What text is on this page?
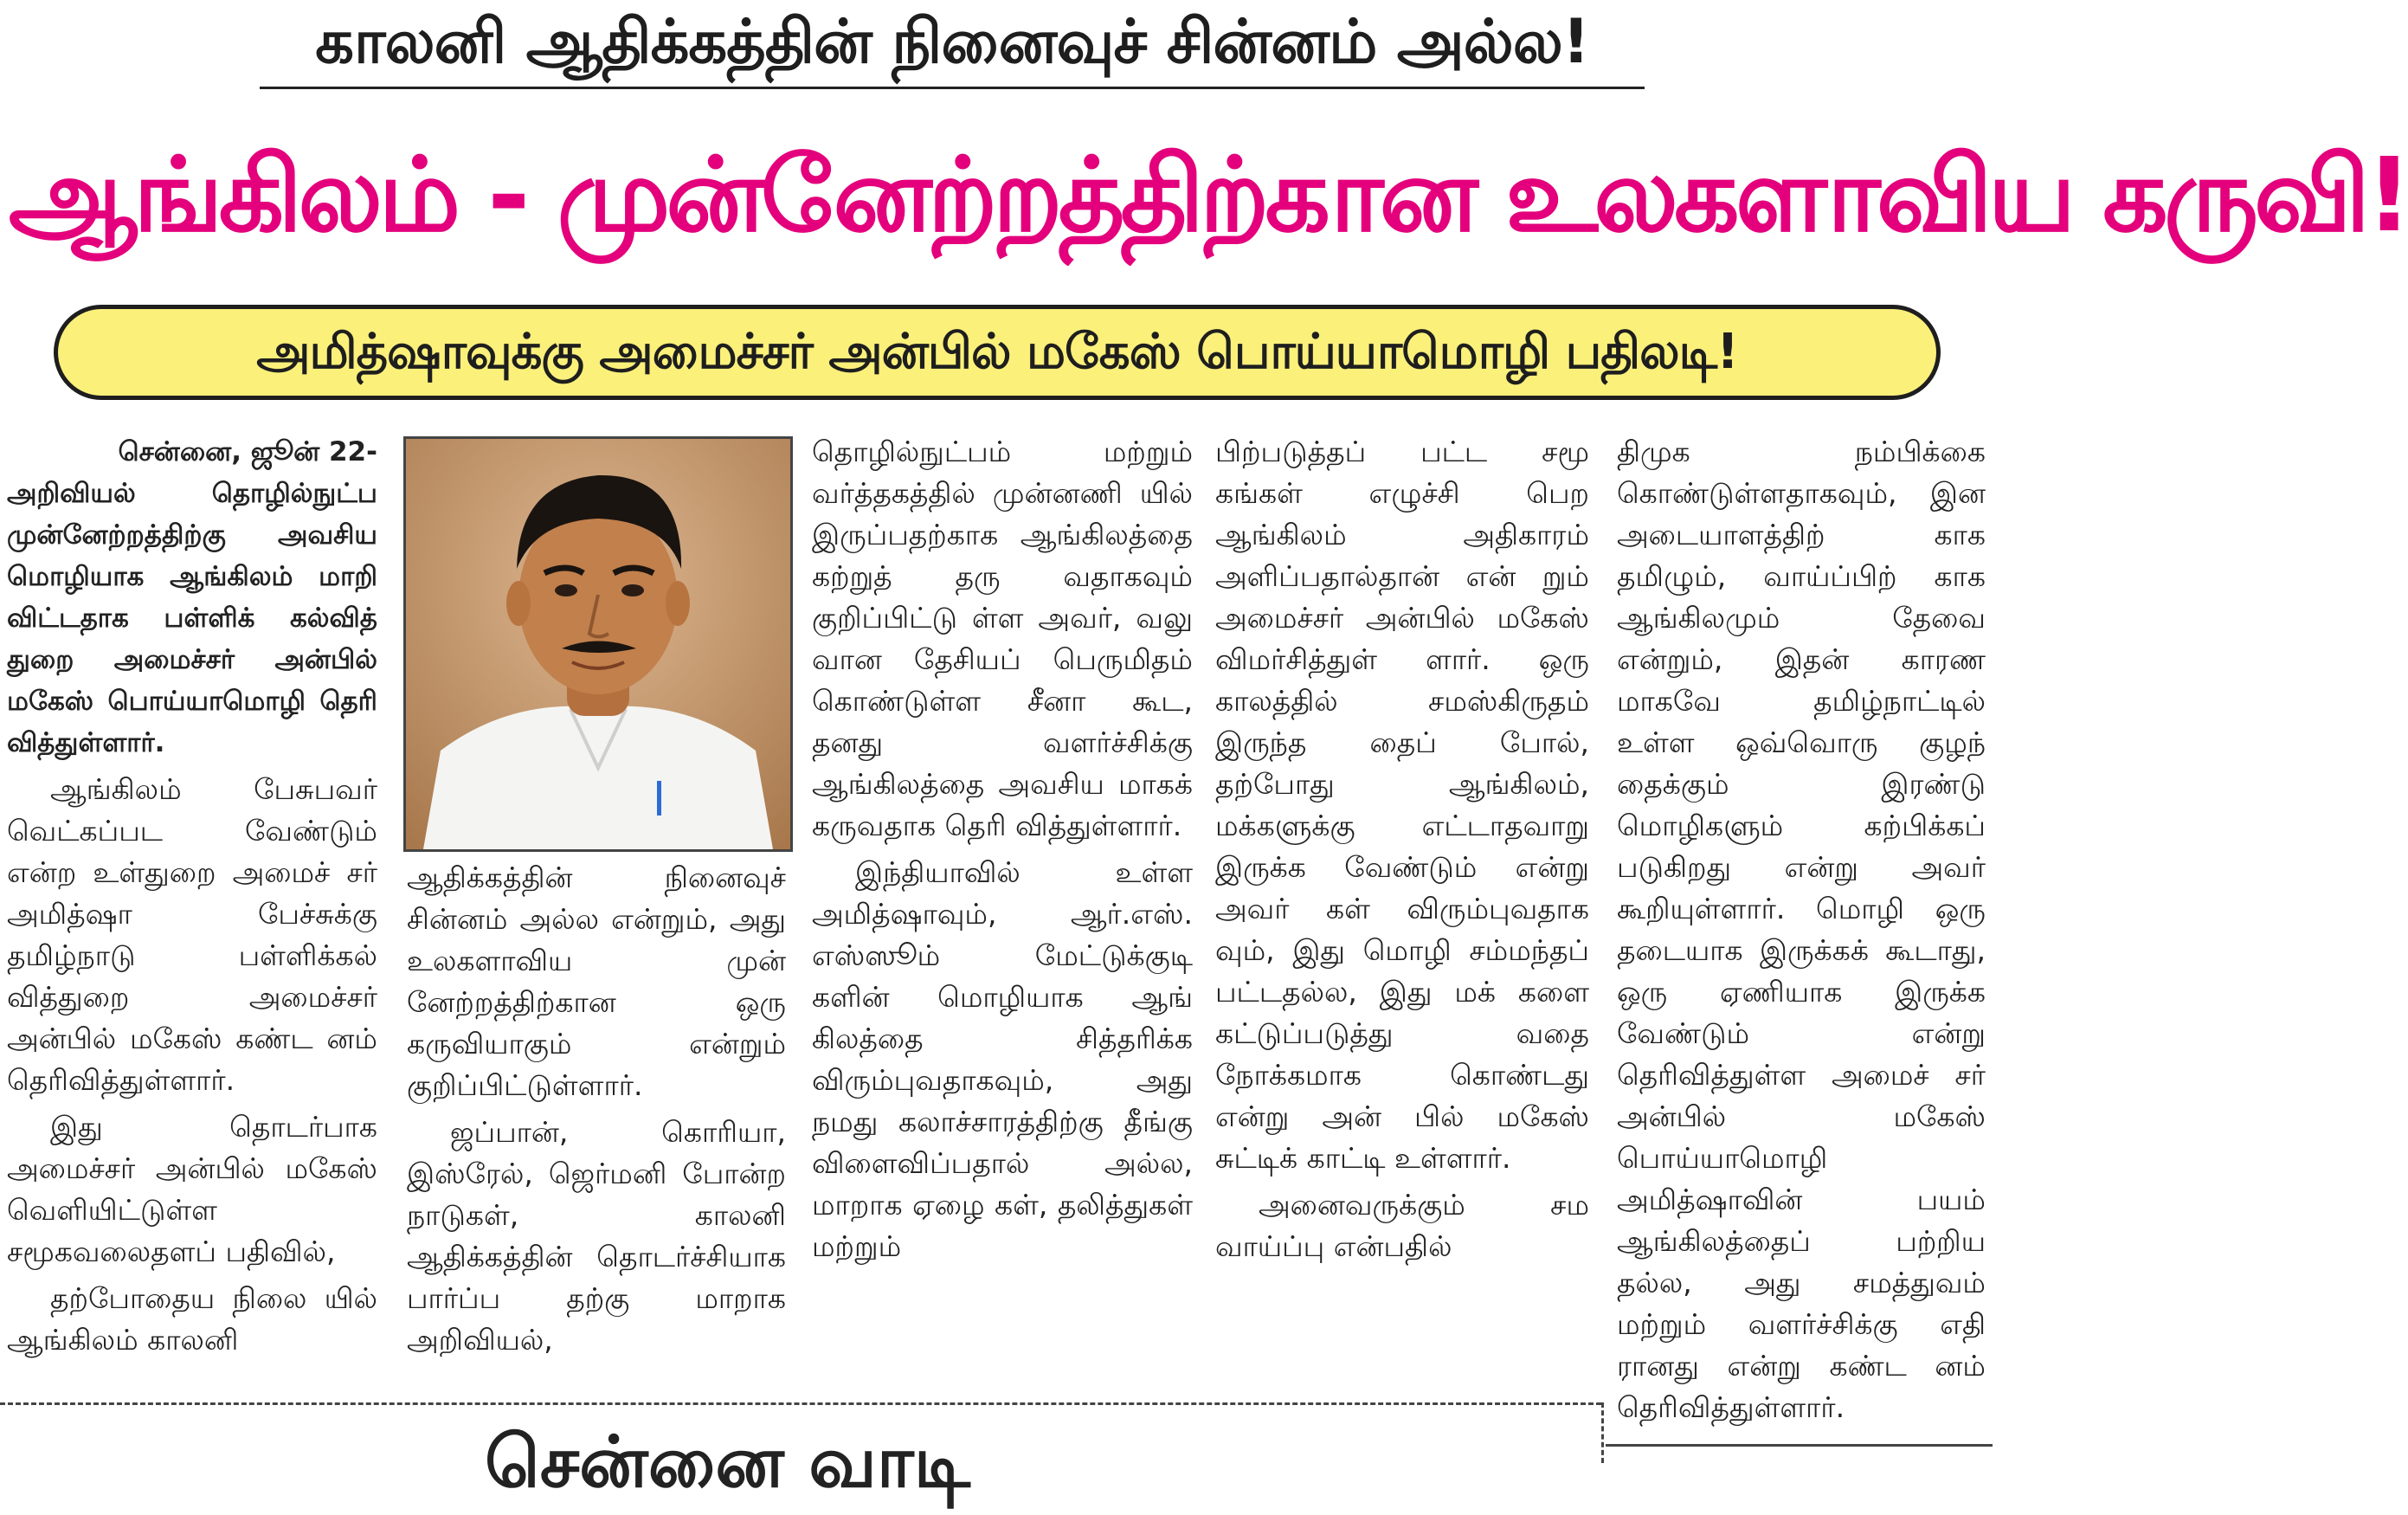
காலனி ஆதிக்கத்தின் நினைவுச் சின்னம் அல்ல!
ஆங்கிலம் - முன்னேற்றத்திற்கான உலகளாவிய கருவி!
அமித்ஷாவுக்கு அமைச்சர் அன்பில் மகேஸ் பொய்யாமொழி பதிலடி!

சென்னை, ஜூன் 22-
அறிவியல் தொழில்நுட்ப முன்னேற்றத்திற்கு அவசிய மொழியாக ஆங்கிலம் மாறி விட்டதாக பள்ளிக் கல்வித் துறை அமைச்சர் அன்பில் மகேஸ் பொய்யாமொழி தெரி வித்துள்ளார்.

ஆங்கிலம் பேசுபவர் வெட்கப்பட வேண்டும் என்ற உள்துறை அமைச் சர் அமித்ஷா பேச்சுக்கு தமிழ்நாடு பள்ளிக்கல் வித்துறை அமைச்சர் அன்பில் மகேஸ் கண்ட னம் தெரிவித்துள்ளார்.

இது தொடர்பாக அமைச்சர் அன்பில் மகேஸ் வெளியிட்டுள்ள சமூகவலைதளப் பதிவில்,

தற்போதைய நிலை யில் ஆங்கிலம் காலனி

ஆதிக்கத்தின் நினைவுச் சின்னம் அல்ல என்றும், அது உலகளாவிய முன் னேற்றத்திற்கான ஒரு கருவியாகும் என்றும் குறிப்பிட்டுள்ளார்.

ஜப்பான், கொரியா, இஸ்ரேல், ஜெர்மனி போன்ற நாடுகள், காலனி ஆதிக்கத்தின் தொடர்ச்சியாக பார்ப்ப தற்கு மாறாக அறிவியல்,

தொழில்நுட்பம் மற்றும் வர்த்தகத்தில் முன்னணி யில் இருப்பதற்காக ஆங்கிலத்தை கற்றுத் தரு வதாகவும் குறிப்பிட்டு ள்ள அவர், வலு வான தேசியப் பெருமிதம் கொண்டுள்ள சீனா கூட, தனது வளர்ச்சிக்கு ஆங்கிலத்தை அவசிய மாகக் கருவதாக தெரி வித்துள்ளார்.

இந்தியாவில் உள்ள அமித்ஷாவும், ஆர்.எஸ். எஸ்ஸூம் மேட்டுக்குடி களின் மொழியாக ஆங் கிலத்தை சித்தரிக்க விரும்புவதாகவும், அது நமது கலாச்சாரத்திற்கு தீங்கு விளைவிப்பதால் அல்ல, மாறாக ஏழை கள், தலித்துகள் மற்றும்

பிற்படுத்தப் பட்ட சமூ கங்கள் எழுச்சி பெற ஆங்கிலம் அதிகாரம் அளிப்பதால்தான் என் றும் அமைச்சர் அன்பில் மகேஸ் விமர்சித்துள் ளார். ஒரு காலத்தில் சமஸ்கிருதம் இருந்த தைப் போல், தற்போது ஆங்கிலம், மக்களுக்கு எட்டாதவாறு இருக்க வேண்டும் என்று அவர் கள் விரும்புவதாக வும், இது மொழி சம்மந்தப் பட்டதல்ல, இது மக் களை கட்டுப்படுத்து வதை நோக்கமாக கொண்டது என்று அன் பில் மகேஸ் சுட்டிக் காட்டி உள்ளார்.

அனைவருக்கும் சம வாய்ப்பு என்பதில்

திமுக நம்பிக்கை கொண்டுள்ளதாகவும், இன அடையாளத்திற் காக தமிழும், வாய்ப்பிற் காக ஆங்கிலமும் தேவை என்றும், இதன் காரண மாகவே தமிழ்நாட்டில் உள்ள ஒவ்வொரு குழந் தைக்கும் இரண்டு மொழிகளும் கற்பிக்கப் படுகிறது என்று அவர் கூறியுள்ளார். மொழி ஒரு தடையாக இருக்கக் கூடாது, ஒரு ஏணியாக இருக்க வேண்டும் என்று தெரிவித்துள்ள அமைச் சர் அன்பில் மகேஸ் பொய்யாமொழி அமித்ஷாவின் பயம் ஆங்கிலத்தைப் பற்றிய தல்ல, அது சமத்துவம் மற்றும் வளர்ச்சிக்கு எதி ரானது என்று கண்ட னம் தெரிவித்துள்ளார்.

சென்னை வாடி
